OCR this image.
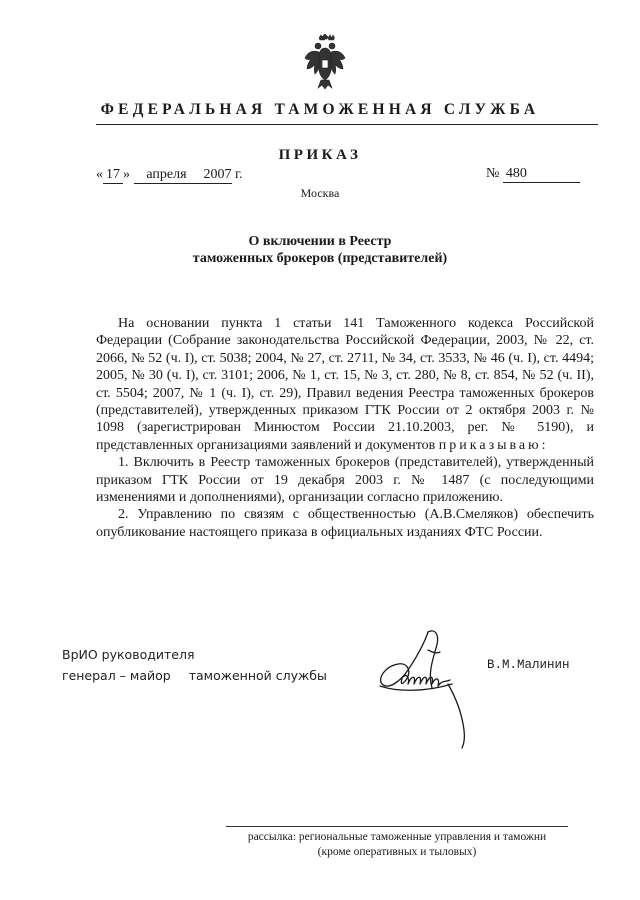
ФЕДЕРАЛЬНАЯ ТАМОЖЕННАЯ СЛУЖБА
ПРИКАЗ
« 17 » апреля 2007 г.	№ 480
Москва
О включении в Реестр
таможенных брокеров (представителей)

На основании пункта 1 статьи 141 Таможенного кодекса Российской Федерации (Собрание законодательства Российской Федерации, 2003, № 22, ст. 2066, № 52 (ч. I), ст. 5038; 2004, № 27, ст. 2711, № 34, ст. 3533, № 46 (ч. I), ст. 4494; 2005, № 30 (ч. I), ст. 3101; 2006, № 1, ст. 15, № 3, ст. 280, № 8, ст. 854, № 52 (ч. II), ст. 5504; 2007, № 1 (ч. I), ст. 29), Правил ведения Реестра таможенных брокеров (представителей), утвержденных приказом ГТК России от 2 октября 2003 г. № 1098 (зарегистрирован Минюстом России 21.10.2003, рег. № 5190), и представленных организациями заявлений и документов приказываю:

1. Включить в Реестр таможенных брокеров (представителей), утвержденный приказом ГТК России от 19 декабря 2003 г. № 1487 (с последующими изменениями и дополнениями), организации согласно приложению.

2. Управлению по связям с общественностью (А.В.Смеляков) обеспечить опубликование настоящего приказа в официальных изданиях ФТС России.

ВрИО руководителя
генерал – майор таможенной службы
В.М.Малинин
рассылка: региональные таможенные управления и таможни
(кроме оперативных и тыловых)
